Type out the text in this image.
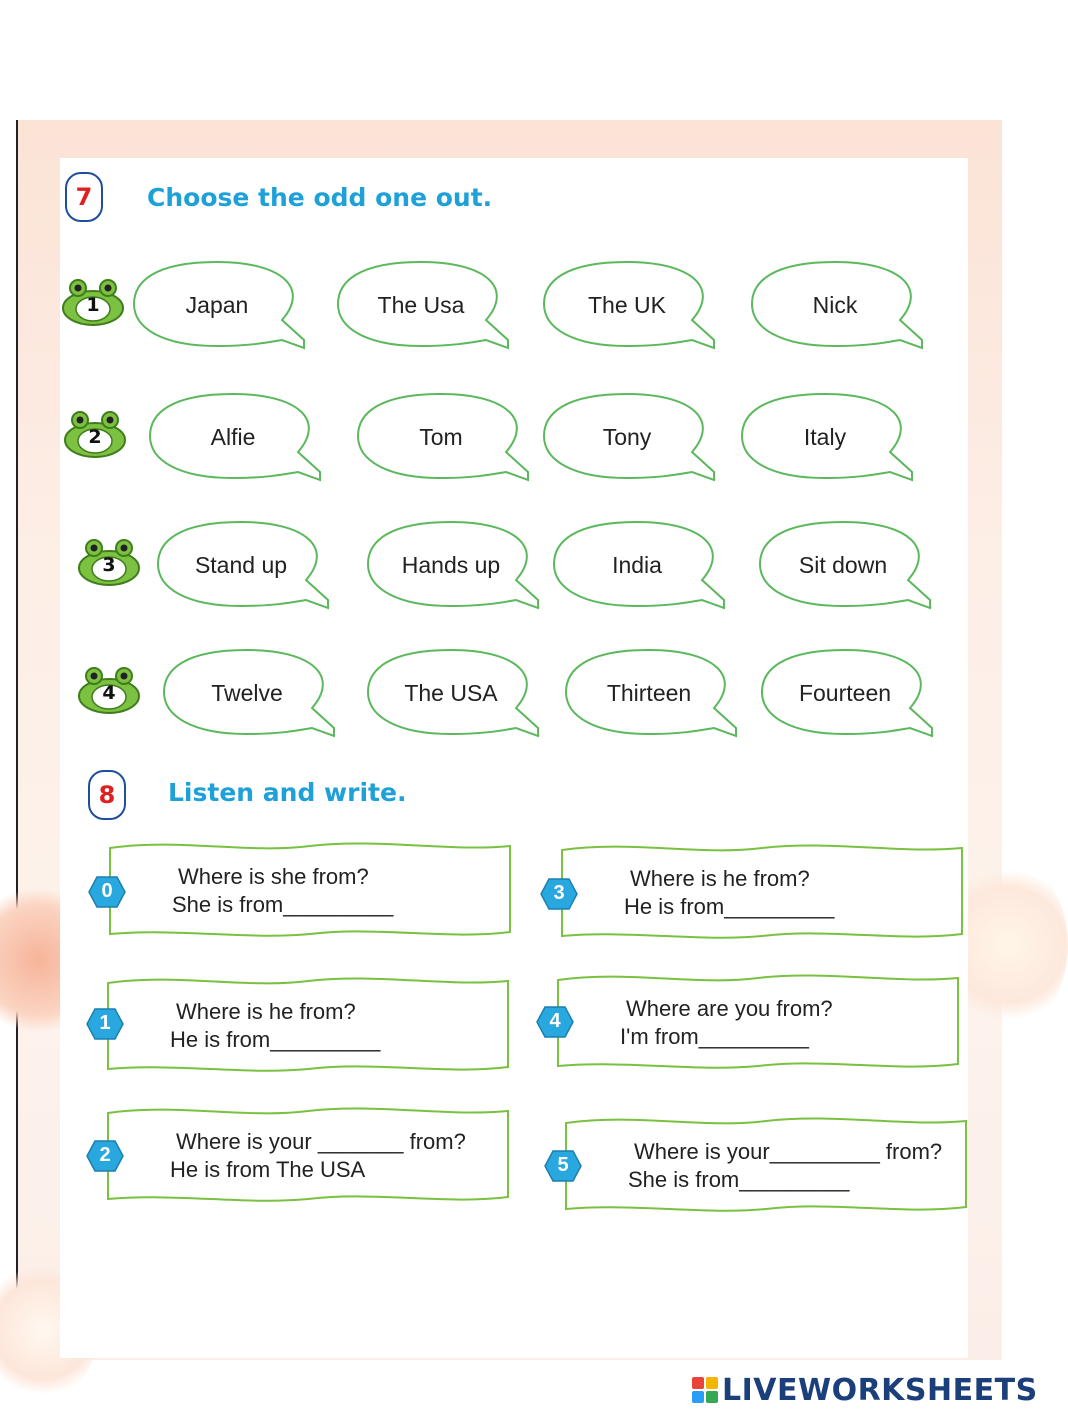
7	Choose the odd one out.
1	Japan	The Usa	The UK	Nick
2	Alfie	Tom	Tony	Italy
3	Stand up	Hands up	India	Sit down
4	Twelve	The USA	Thirteen	Fourteen
8	Listen and write.
Where is she from?
She is from_________
0
Where is he from?
He is from_________
1
Where is your _______ from?
He is from The USA
2
Where is he from?
He is from_________
3
Where are you from?
I'm from_________
4
Where is your_________ from?
She is from_________
5
LIVEWORKSHEETS
